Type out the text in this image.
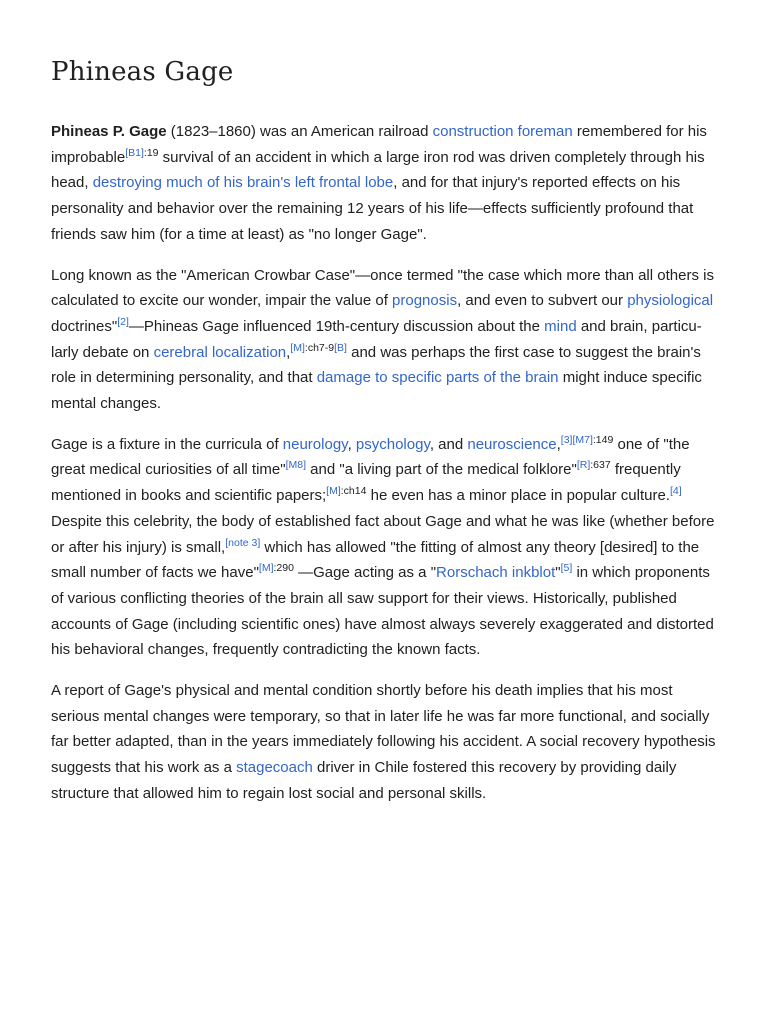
Phineas Gage

Phineas P. Gage (1823–1860) was an American railroad construction foreman remembered for his improbable$^{[B1]:19}$ survival of an accident in which a large iron rod was driven completely through his head, destroying much of his brain's left frontal lobe, and for that injury's reported effects on his personality and behavior over the remaining 12 years of his life—effects sufficiently profound that friends saw him (for a time at least) as "no longer Gage".

Long known as the "American Crowbar Case"—once termed "the case which more than all others is calculated to excite our wonder, impair the value of prognosis, and even to subvert our physiological doctrines"[2]—Phineas Gage influenced 19th-century discussion about the mind and brain, particularly debate on cerebral localization,[M]:ch7-9[B] and was perhaps the first case to suggest the brain's role in determining personality, and that damage to specific parts of the brain might induce specific mental changes.

Gage is a fixture in the curricula of neurology, psychology, and neuroscience,$^{[3][M7]:149}$ one of "the great medical curiosities of all time"[M8] and "a living part of the medical folklore"$^{[R]:637}$ frequently mentioned in books and scientific papers;$^{[M]:ch14}$ he even has a minor place in popular culture.[4] Despite this celebrity, the body of established fact about Gage and what he was like (whether before or after his injury) is small,[note 3] which has allowed "the fitting of almost any theory [desired] to the small number of facts we have"$^{[M]:290}$ —Gage acting as a "Rorschach inkblot"[5] in which proponents of various conflicting theories of the brain all saw support for their views. Historically, published accounts of Gage (including scientific ones) have almost always severely exaggerated and distorted his behavioral changes, frequently contradicting the known facts.

A report of Gage's physical and mental condition shortly before his death implies that his most serious mental changes were temporary, so that in later life he was far more functional, and socially far better adapted, than in the years immediately following his accident. A social recovery hypothesis suggests that his work as a stagecoach driver in Chile fostered this recovery by providing daily structure that allowed him to regain lost social and personal skills.
